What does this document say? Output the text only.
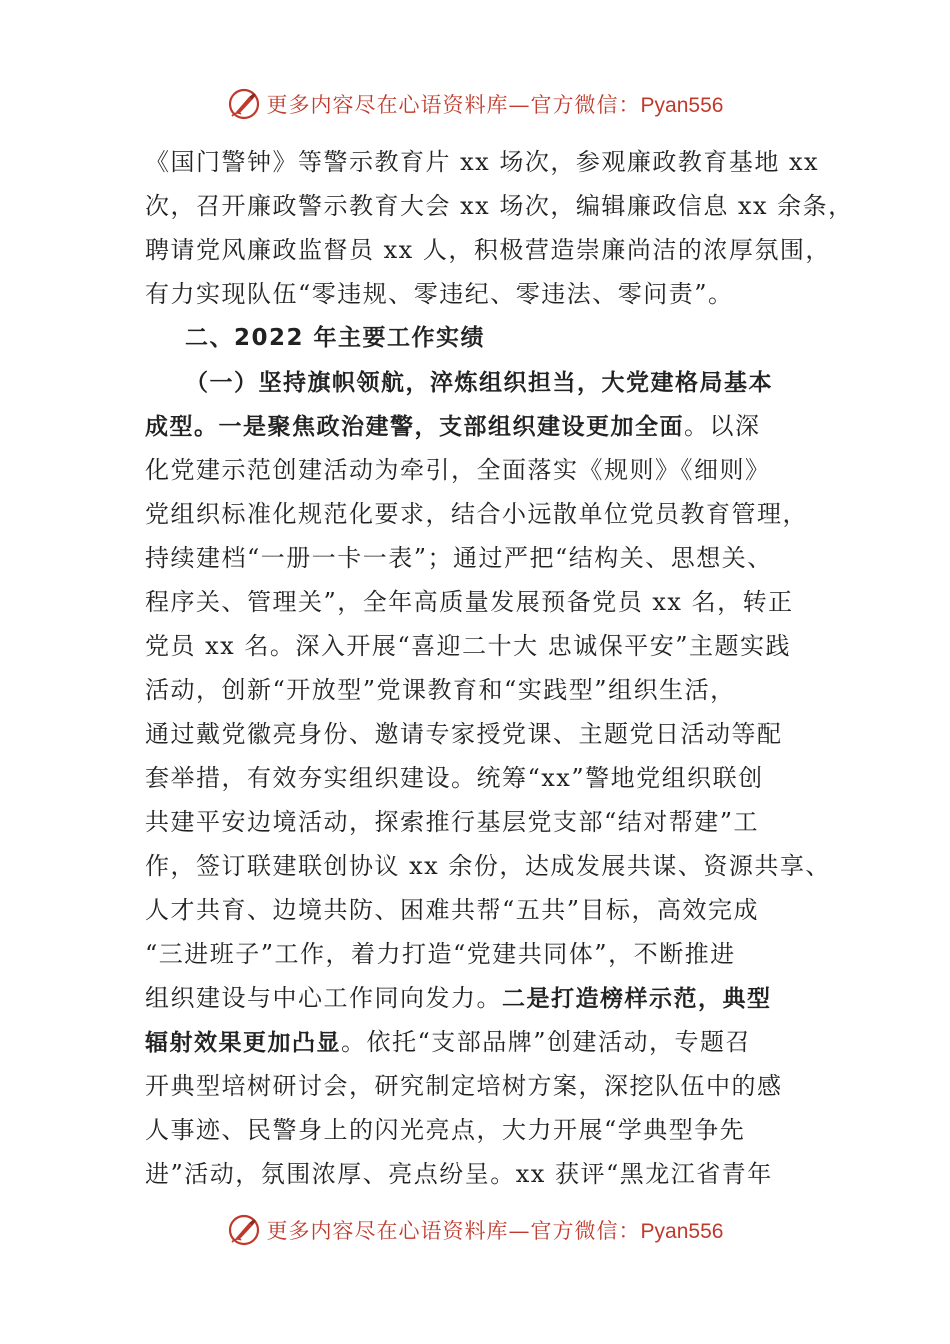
更多内容尽在心语资料库—官方微信：Pyan556
《国门警钟》等警示教育片 xx 场次，参观廉政教育基地 xx
次，召开廉政警示教育大会 xx 场次，编辑廉政信息 xx 余条，
聘请党风廉政监督员 xx 人，积极营造崇廉尚洁的浓厚氛围，
有力实现队伍“零违规、零违纪、零违法、零问责”。
二、2022 年主要工作实绩
（一）坚持旗帜领航，淬炼组织担当，大党建格局基本
成型。一是聚焦政治建警，支部组织建设更加全面。以深
化党建示范创建活动为牵引，全面落实《规则》《细则》
党组织标准化规范化要求，结合小远散单位党员教育管理，
持续建档“一册一卡一表”；通过严把“结构关、思想关、
程序关、管理关”，全年高质量发展预备党员 xx 名，转正
党员 xx 名。深入开展“喜迎二十大 忠诚保平安”主题实践
活动，创新“开放型”党课教育和“实践型”组织生活，
通过戴党徽亮身份、邀请专家授党课、主题党日活动等配
套举措，有效夯实组织建设。统筹“xx”警地党组织联创
共建平安边境活动，探索推行基层党支部“结对帮建”工
作，签订联建联创协议 xx 余份，达成发展共谋、资源共享、
人才共育、边境共防、困难共帮“五共”目标，高效完成
“三进班子”工作，着力打造“党建共同体”，不断推进
组织建设与中心工作同向发力。二是打造榜样示范，典型
辐射效果更加凸显。依托“支部品牌”创建活动，专题召
开典型培树研讨会，研究制定培树方案，深挖队伍中的感
人事迹、民警身上的闪光亮点，大力开展“学典型争先
进”活动，氛围浓厚、亮点纷呈。xx 获评“黑龙江省青年
更多内容尽在心语资料库—官方微信：Pyan556
